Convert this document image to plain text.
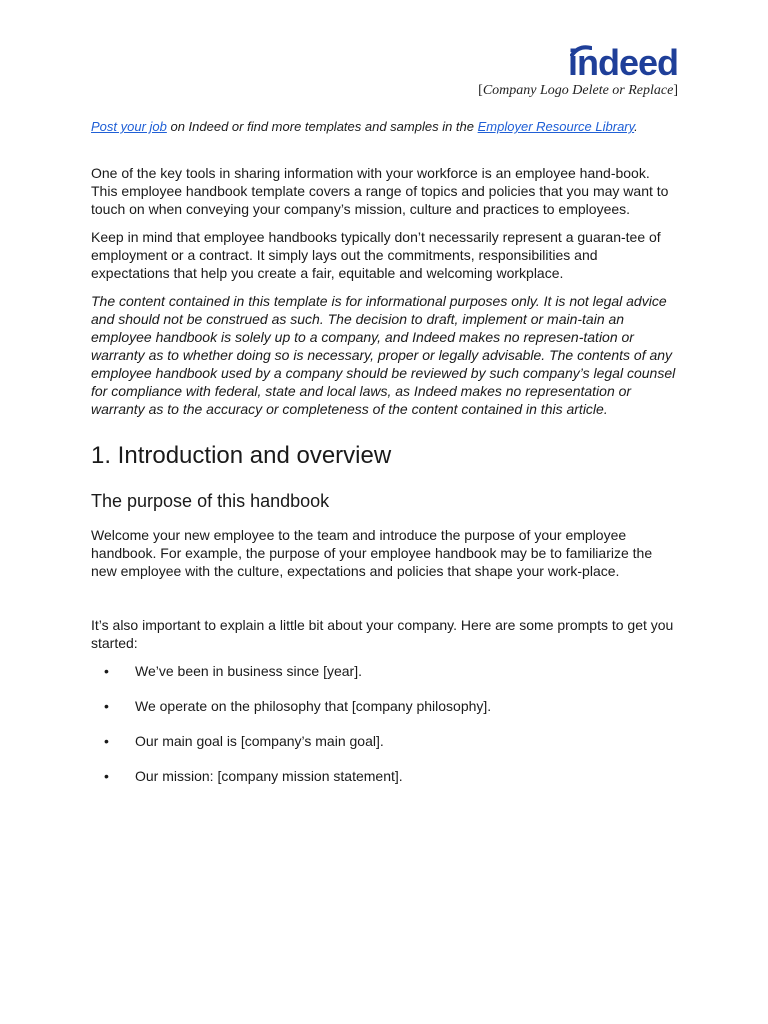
indeed
[Company Logo Delete or Replace]
Post your job on Indeed or find more templates and samples in the Employer Resource Library.

One of the key tools in sharing information with your workforce is an employee hand-book. This employee handbook template covers a range of topics and policies that you may want to touch on when conveying your company’s mission, culture and practices to employees.

Keep in mind that employee handbooks typically don’t necessarily represent a guaran-tee of employment or a contract. It simply lays out the commitments, responsibilities and expectations that help you create a fair, equitable and welcoming workplace.

The content contained in this template is for informational purposes only. It is not legal advice and should not be construed as such. The decision to draft, implement or main-tain an employee handbook is solely up to a company, and Indeed makes no represen-tation or warranty as to whether doing so is necessary, proper or legally advisable. The contents of any employee handbook used by a company should be reviewed by such company’s legal counsel for compliance with federal, state and local laws, as Indeed makes no representation or warranty as to the accuracy or completeness of the content contained in this article.

1. Introduction and overview
The purpose of this handbook

Welcome your new employee to the team and introduce the purpose of your employee handbook. For example, the purpose of your employee handbook may be to familiarize the new employee with the culture, expectations and policies that shape your work-place.

It’s also important to explain a little bit about your company. Here are some prompts to get you started:

• We’ve been in business since [year].
• We operate on the philosophy that [company philosophy].
• Our main goal is [company’s main goal].
• Our mission: [company mission statement].
